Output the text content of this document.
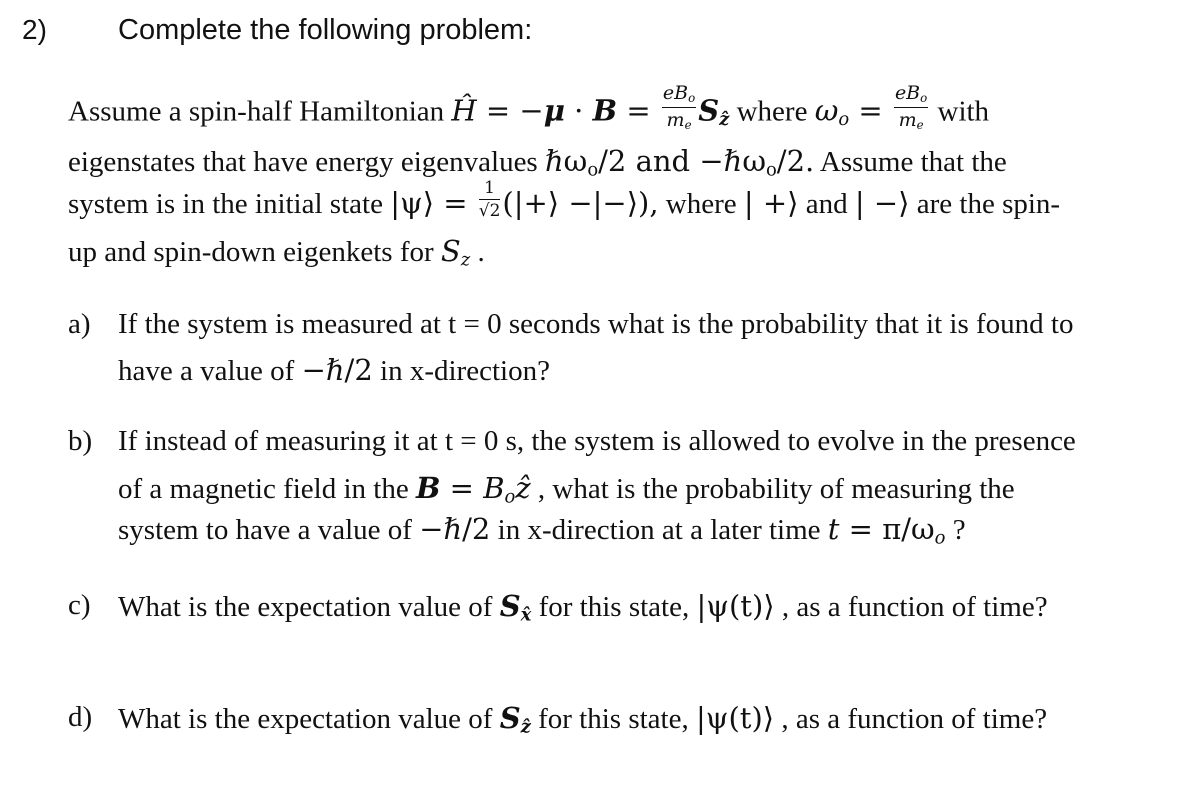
2) Complete the following problem:
Assume a spin-half Hamiltonian Ĥ = $-\mu \cdot B = \frac{eB_o}{m_e} S_ẑ$ where $\omega_o = \frac{eB_o}{m_e}$ with
eigenstates that have energy eigenvalues ℏω$_o$/2 and −ℏω$_o$/2. Assume that the
system is in the initial state |ψ⟩ = $\frac{1}{√2}$ (|+⟩ −|−⟩), where | +⟩ and | −⟩ are the spin-
up and spin-down eigenkets for $S_z$ .
a) If the system is measured at t = 0 seconds what is the probability that it is found to
have a value of −ℏ/2 in x-direction?
b) If instead of measuring it at t = 0 s, the system is allowed to evolve in the presence
of a magnetic field in the $B = B_oẑ$ , what is the probability of measuring the
system to have a value of −ℏ/2 in x-direction at a later time $t = \pi/\omega_o$ ?
c) What is the expectation value of $S_{x̂}$ for this state, |ψ(t)⟩ , as a function of time?
d) What is the expectation value of $S_ẑ$ for this state, |ψ(t)⟩ , as a function of time?
